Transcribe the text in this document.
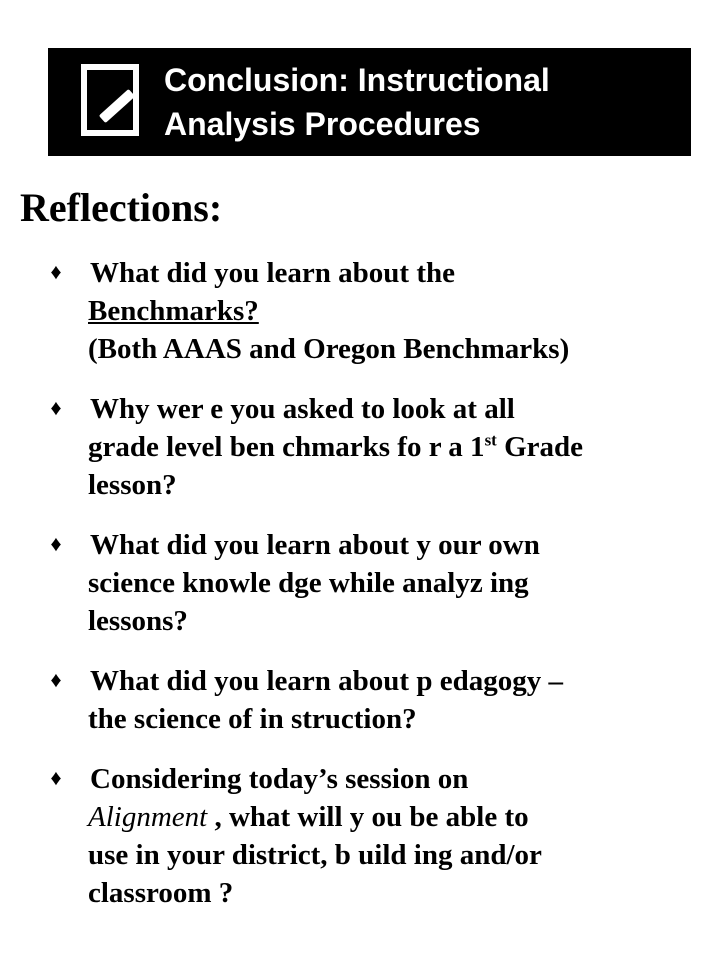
Conclusion: Instructional
Analysis Procedures
Reflections:
♦ What did you learn about the
Benchmarks?
(Both AAAS and Oregon Benchmarks)
♦ Why wer e you asked to look at all
grade level ben chmarks fo r a 1st Grade
lesson?
♦ What did you learn about y our own
science knowle dge while analyz ing
lessons?
♦ What did you learn about p edagogy –
the science of in struction?
♦ Considering today’s session on
Alignment , what will y ou be able to
use in your district, b uild ing and/or
classroom ?
